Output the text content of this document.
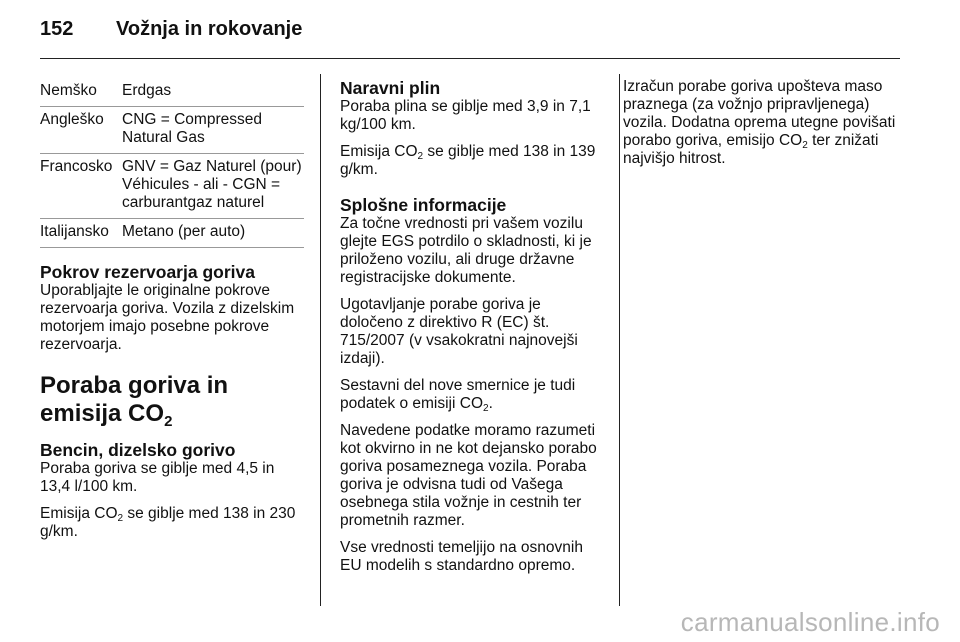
152 Vožnja in rokovanje
Nemško	Erdgas
Angleško	CNG = Compressed Natural Gas
Francosko	GNV = Gaz Naturel (pour) Véhicules - ali - CGN = carburantgaz naturel
Italijansko	Metano (per auto)
Pokrov rezervoarja goriva

Uporabljajte le originalne pokrove rezervoarja goriva. Vozila z dizelskim motorjem imajo posebne pokrove rezervoarja.

Poraba goriva in
emisija $CO_2$
Bencin, dizelsko gorivo

Poraba goriva se giblje med 4,5 in 13,4 l/100 km.

Emisija $CO_2$ se giblje med 138 in 230 g/km.

Naravni plin

Poraba plina se giblje med 3,9 in 7,1 kg/100 km.

Emisija $CO_2$ se giblje med 138 in 139 g/km.

Splošne informacije

Za točne vrednosti pri vašem vozilu glejte EGS potrdilo o skladnosti, ki je priloženo vozilu, ali druge državne registracijske dokumente.

Ugotavljanje porabe goriva je določeno z direktivo R (EC) št. 715/2007 (v vsakokratni najnovejši izdaji).

Sestavni del nove smernice je tudi podatek o emisiji $CO_2$.

Navedene podatke moramo razumeti kot okvirno in ne kot dejansko porabo goriva posameznega vozila. Poraba goriva je odvisna tudi od Vašega osebnega stila vožnje in cestnih ter prometnih razmer.

Vse vrednosti temeljijo na osnovnih EU modelih s standardno opremo.

Izračun porabe goriva upošteva maso praznega (za vožnjo pripravljenega) vozila. Dodatna oprema utegne povišati porabo goriva, emisijo $CO_2$ ter znižati najvišjo hitrost.

carmanualsonline.info
